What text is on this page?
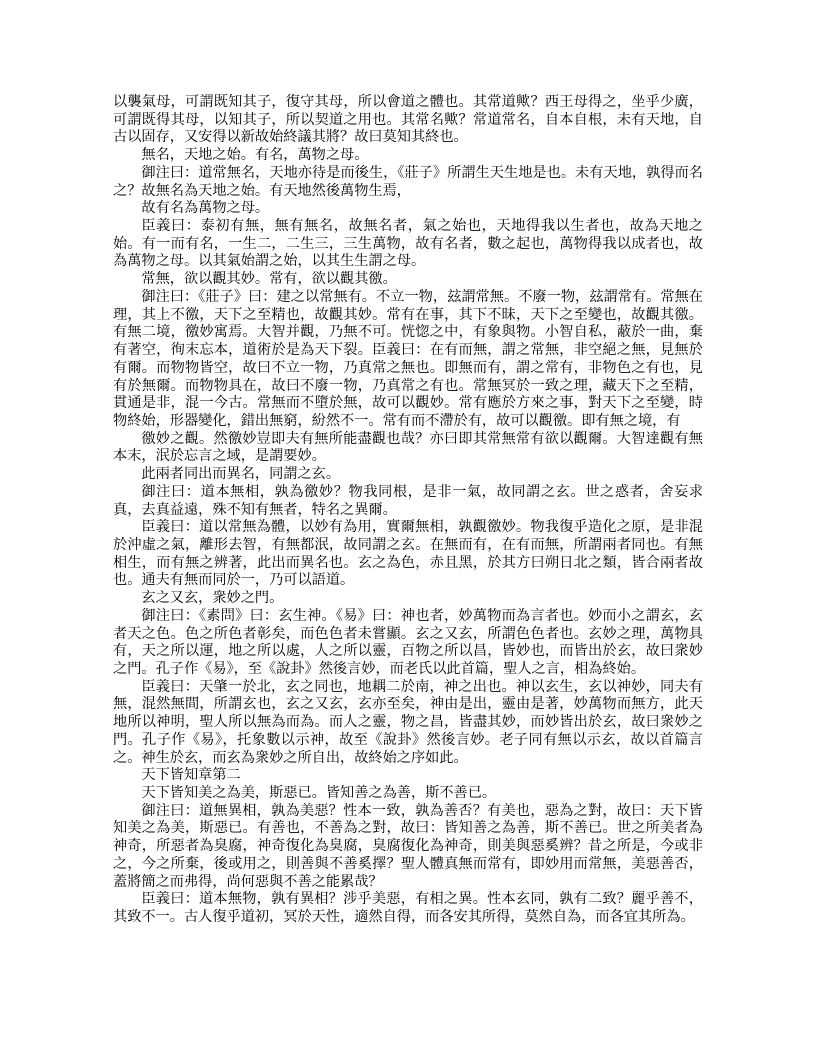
以襲氣母，可謂既知其子，復守其母，所以會道之體也。其常道歟？西王母得之，坐乎少廣，可謂既得其母，以知其子，所以契道之用也。其常名歟？常道常名，自本自根，未有天地，自古以固存，又安得以新故始終議其將？故曰莫知其終也。

無名，天地之始。有名，萬物之母。

御注曰：道常無名，天地亦待是而後生，《莊子》所謂生天生地是也。未有天地，孰得而名之？故無名為天地之始。有天地然後萬物生焉，

故有名為萬物之母。

臣義曰：泰初有無，無有無名，故無名者，氣之始也，天地得我以生者也，故為天地之始。有一而有名，一生二，二生三，三生萬物，故有名者，數之起也，萬物得我以成者也，故為萬物之母。以其氣始謂之始，以其生生謂之母。

常無，欲以觀其妙。常有，欲以觀其徼。

御注曰：《莊子》曰：建之以常無有。不立一物，玆謂常無。不廢一物，玆謂常有。常無在理，其上不徼，天下之至精也，故觀其妙。常有在事，其下不昧，天下之至變也，故觀其徼。有無二境，徼妙寓焉。大智并觀，乃無不可。恍惚之中，有象與物。小智自私，蔽於一曲，棄有著空，徇末忘本，道術於是為天下裂。臣義曰：在有而無，謂之常無，非空絕之無，見無於有爾。而物物皆空，故曰不立一物，乃真常之無也。即無而有，謂之常有，非物色之有也，見有於無爾。而物物具在，故曰不廢一物，乃真常之有也。常無冥於一致之理，藏天下之至精，貫通是非，混一今古。常無而不墮於無，故可以觀妙。常有應於方來之事，對天下之至變，時物終始，形器變化，錯出無窮，紛然不一。常有而不滯於有，故可以觀徼。即有無之境，有

徼妙之觀。然徼妙豈即夫有無所能盡觀也哉？亦曰即其常無常有欲以觀爾。大智達觀有無本末，泯於忘言之域，是謂要妙。

此兩者同出而異名，同謂之玄。

御注曰：道本無相，孰為徼妙？物我同根，是非一氣，故同謂之玄。世之惑者，舍妄求真，去真益遠，殊不知有無者，特名之異爾。

臣義曰：道以常無為體，以妙有為用，實爾無相，孰觀徼妙。物我復乎造化之原，是非混於沖虛之氣，離形去智，有無都泯，故同謂之玄。在無而有，在有而無，所謂兩者同也。有無相生，而有無之辨著，此出而異名也。玄之為色，赤且黑，於其方曰朔日北之類，皆合兩者故也。通夫有無而同於一，乃可以語道。

玄之又玄，衆妙之門。

御注曰：《素問》曰：玄生神。《易》曰：神也者，妙萬物而為言者也。妙而小之謂玄，玄者天之色。色之所色者彰矣，而色色者未嘗顯。玄之又玄，所謂色色者也。玄妙之理，萬物具有，天之所以運，地之所以處，人之所以靈，百物之所以昌，皆妙也，而皆出於玄，故曰衆妙之門。孔子作《易》，至《說卦》然後言妙，而老氏以此首篇，聖人之言，相為終始。

臣義曰：天肇一於北，玄之同也，地耦二於南，神之出也。神以玄生，玄以神妙，同夫有無，混然無間，所謂玄也，玄之又玄，玄亦至矣，神由是出，靈由是著，妙萬物而無方，此天地所以神明，聖人所以無為而為。而人之靈，物之昌，皆盡其妙，而妙皆出於玄，故曰衆妙之門。孔子作《易》，托象數以示神，故至《說卦》然後言妙。老子同有無以示玄，故以首篇言之。神生於玄，而玄為衆妙之所自出，故終始之序如此。

天下皆知章第二

天下皆知美之為美，斯惡已。皆知善之為善，斯不善已。

御注曰：道無異相，孰為美惡？性本一致，孰為善否？有美也，惡為之對，故曰：天下皆知美之為美，斯惡已。有善也，不善為之對，故曰：皆知善之為善，斯不善已。世之所美者為神奇，所惡者為臭腐，神奇復化為臭腐，臭腐復化為神奇，則美與惡奚辨？昔之所是，今或非之，今之所棄，後或用之，則善與不善奚擇？聖人體真無而常有，即妙用而常無，美惡善否，蓋將簡之而弗得，尚何惡與不善之能累哉？

臣義曰：道本無物，孰有異相？涉乎美惡，有相之異。性本玄同，孰有二致？麗乎善不，其致不一。古人復乎道初，冥於天性，適然自得，而各安其所得，莫然自為，而各宜其所為。
